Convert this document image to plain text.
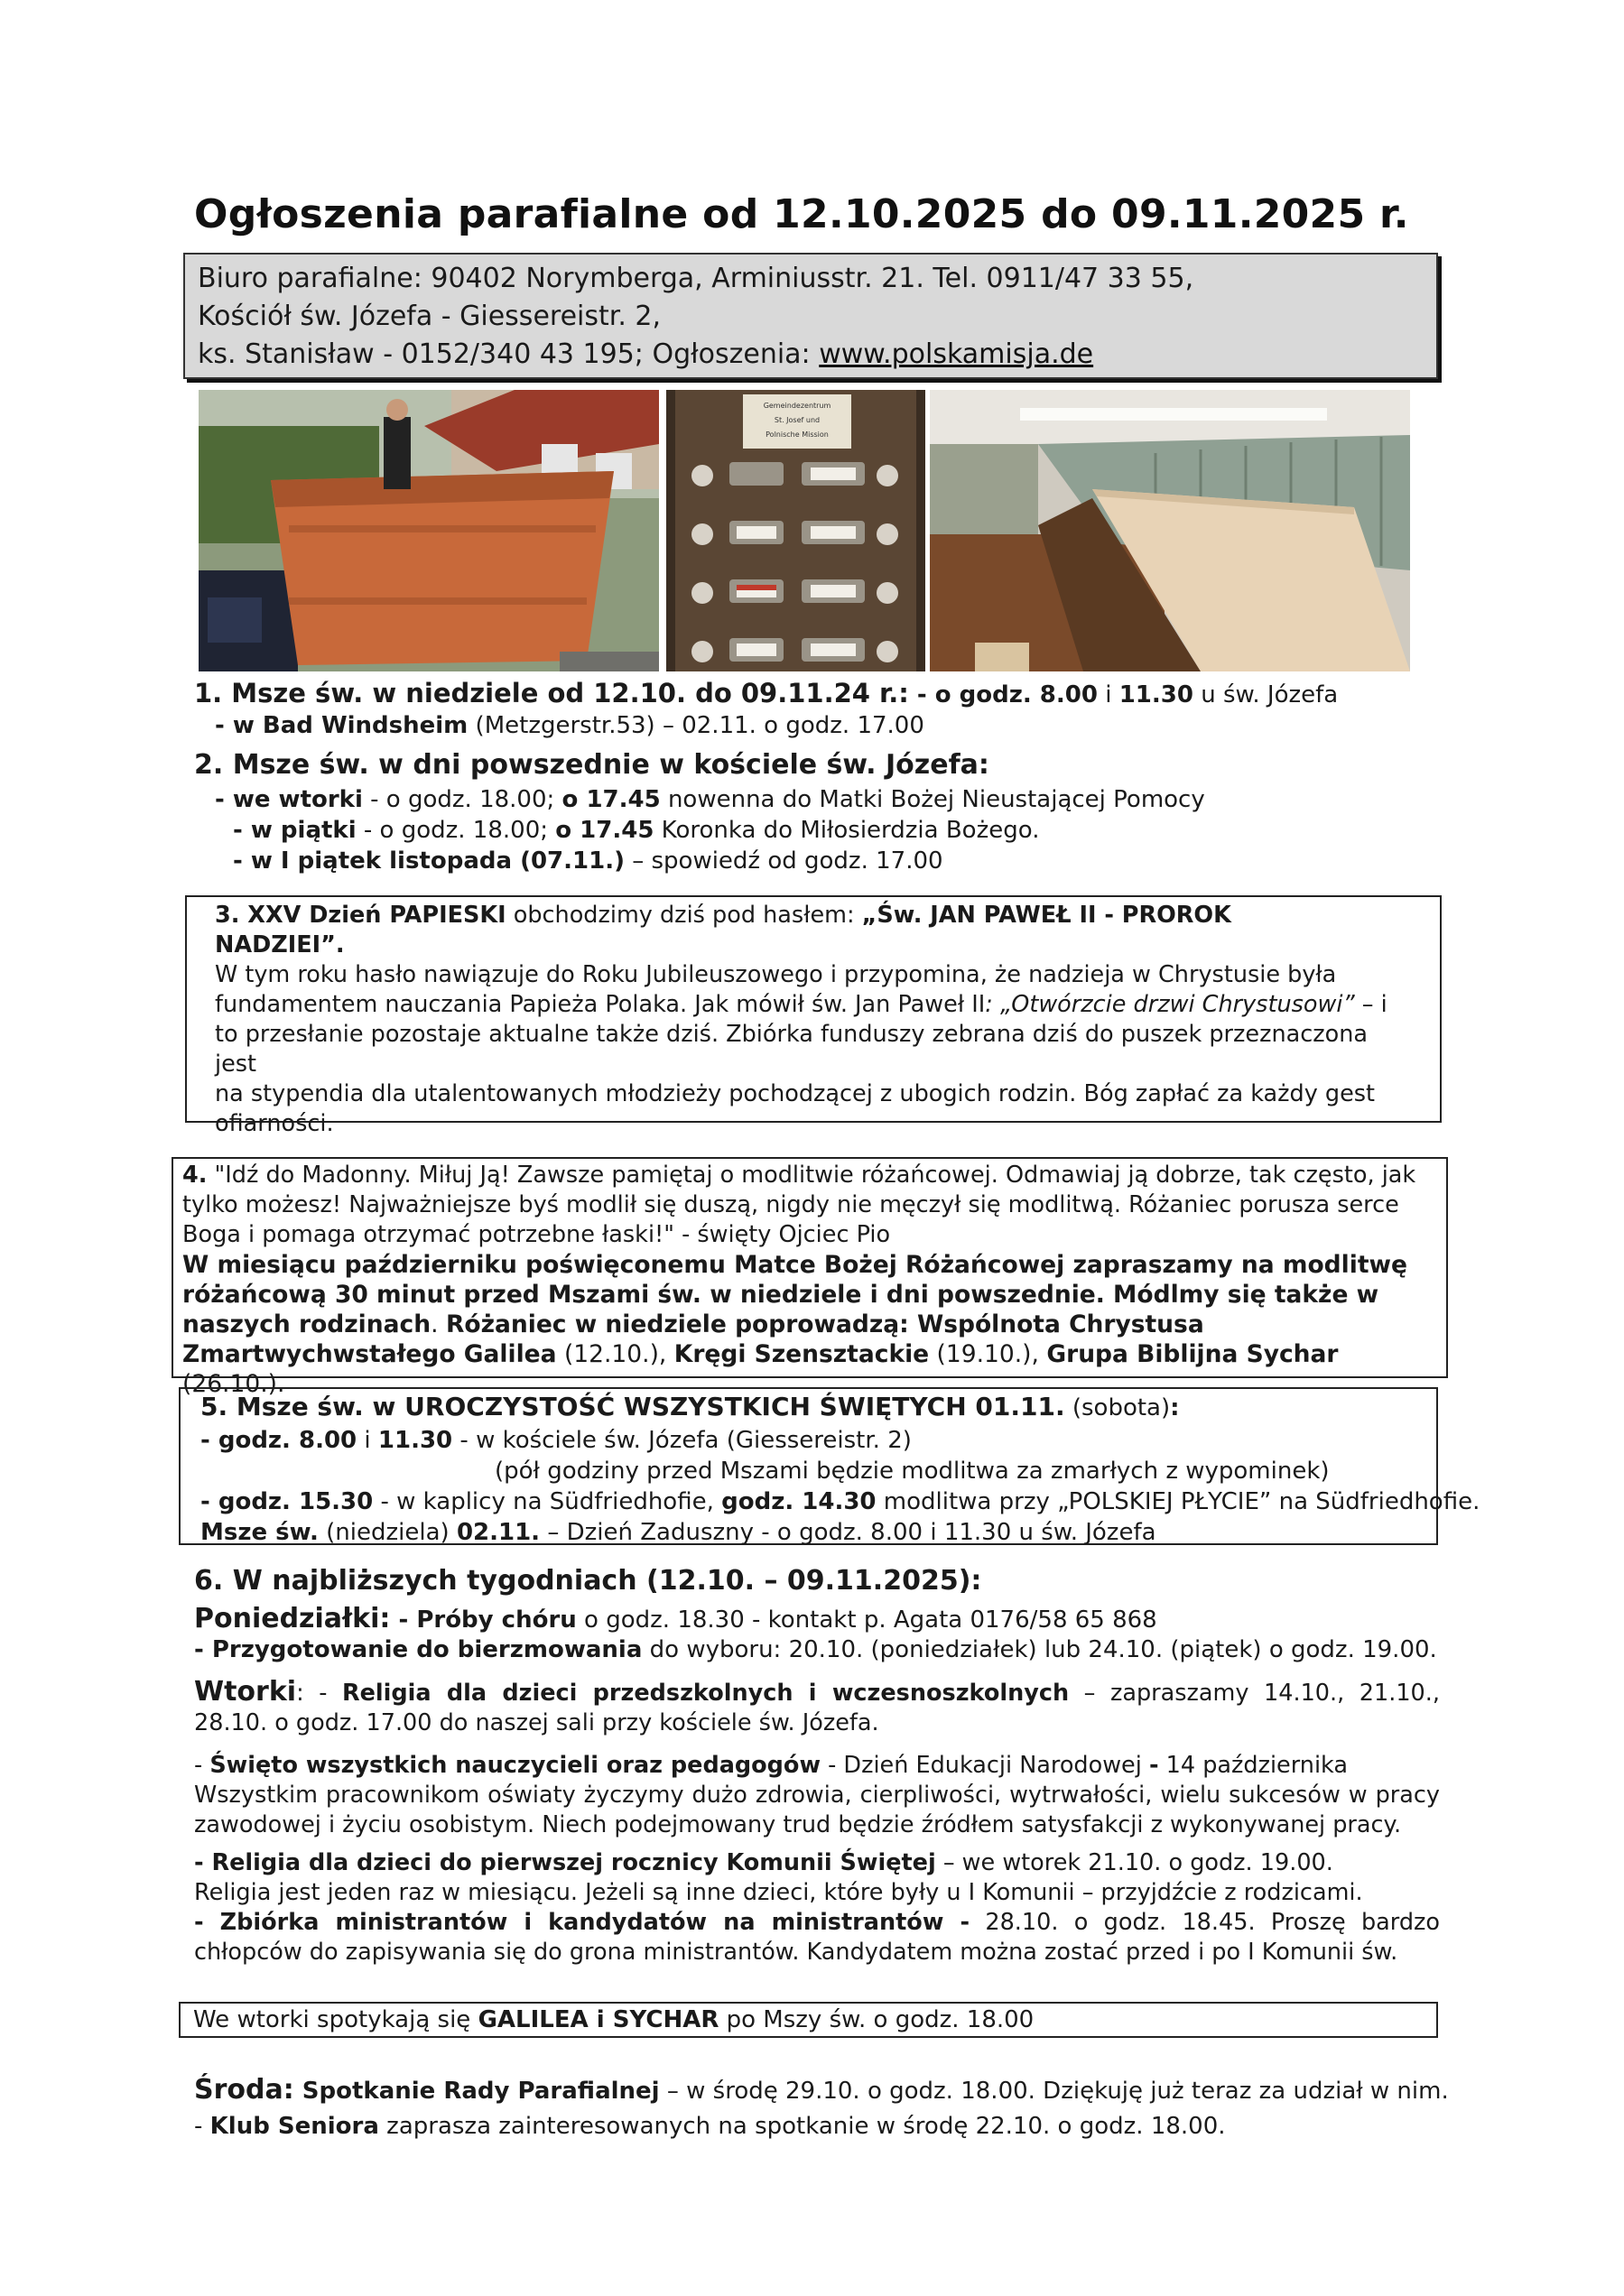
Ogłoszenia parafialne od 12.10.2025 do 09.11.2025 r.
Biuro parafialne: 90402 Norymberga, Arminiusstr. 21. Tel. 0911/47 33 55,
Kościół św. Józefa - Giessereistr. 2,
ks. Stanisław - 0152/340 43 195; Ogłoszenia: www.polskamisja.de
Gemeindezentrum
St. Josef und
Polnische Mission
1. Msze św. w niedziele od 12.10. do 09.11.24 r.: - o godz. 8.00 i 11.30 u św. Józefa
- w Bad Windsheim (Metzgerstr.53) – 02.11. o godz. 17.00
2. Msze św. w dni powszednie w kościele św. Józefa:
- we wtorki - o godz. 18.00; o 17.45 nowenna do Matki Bożej Nieustającej Pomocy
- w piątki - o godz. 18.00; o 17.45 Koronka do Miłosierdzia Bożego.
- w I piątek listopada (07.11.) – spowiedź od godz. 17.00
3. XXV Dzień PAPIESKI obchodzimy dziś pod hasłem: „Św. JAN PAWEŁ II - PROROK
NADZIEI”.
W tym roku hasło nawiązuje do Roku Jubileuszowego i przypomina, że nadzieja w Chrystusie była
fundamentem nauczania Papieża Polaka. Jak mówił św. Jan Paweł II: „Otwórzcie drzwi Chrystusowi” – i
to przesłanie pozostaje aktualne także dziś. Zbiórka funduszy zebrana dziś do puszek przeznaczona jest
na stypendia dla utalentowanych młodzieży pochodzącej z ubogich rodzin. Bóg zapłać za każdy gest
ofiarności.
4. "Idź do Madonny. Miłuj Ją! Zawsze pamiętaj o modlitwie różańcowej. Odmawiaj ją dobrze, tak często, jak
tylko możesz! Najważniejsze byś modlił się duszą, nigdy nie męczył się modlitwą. Różaniec porusza serce
Boga i pomaga otrzymać potrzebne łaski!" - święty Ojciec Pio
W miesiącu październiku poświęconemu Matce Bożej Różańcowej zapraszamy na modlitwę
różańcową 30 minut przed Mszami św. w niedziele i dni powszednie. Módlmy się także w
naszych rodzinach. Różaniec w niedziele poprowadzą: Wspólnota Chrystusa
Zmartwychwstałego Galilea (12.10.), Kręgi Szensztackie (19.10.), Grupa Biblijna Sychar (26.10.).
5. Msze św. w UROCZYSTOŚĆ WSZYSTKICH ŚWIĘTYCH 01.11. (sobota):
- godz. 8.00 i 11.30 - w kościele św. Józefa (Giessereistr. 2)
(pół godziny przed Mszami będzie modlitwa za zmarłych z wypominek)
- godz. 15.30 - w kaplicy na Südfriedhofie, godz. 14.30 modlitwa przy „POLSKIEJ PŁYCIE” na Südfriedhofie.
Msze św. (niedziela) 02.11. – Dzień Zaduszny - o godz. 8.00 i 11.30 u św. Józefa
6. W najbliższych tygodniach (12.10. – 09.11.2025):
Poniedziałki: - Próby chóru o godz. 18.30 - kontakt p. Agata 0176/58 65 868
- Przygotowanie do bierzmowania do wyboru: 20.10. (poniedziałek) lub 24.10. (piątek) o godz. 19.00.
Wtorki: - Religia dla dzieci przedszkolnych i wczesnoszkolnych – zapraszamy 14.10., 21.10.,
28.10. o godz. 17.00 do naszej sali przy kościele św. Józefa.
- Święto wszystkich nauczycieli oraz pedagogów - Dzień Edukacji Narodowej - 14 października
Wszystkim pracownikom oświaty życzymy dużo zdrowia, cierpliwości, wytrwałości, wielu sukcesów w pracy
zawodowej i życiu osobistym. Niech podejmowany trud będzie źródłem satysfakcji z wykonywanej pracy.
- Religia dla dzieci do pierwszej rocznicy Komunii Świętej – we wtorek 21.10. o godz. 19.00.
Religia jest jeden raz w miesiącu. Jeżeli są inne dzieci, które były u I Komunii – przyjdźcie z rodzicami.
- Zbiórka ministrantów i kandydatów na ministrantów - 28.10. o godz. 18.45. Proszę bardzo
chłopców do zapisywania się do grona ministrantów. Kandydatem można zostać przed i po I Komunii św.
We wtorki spotykają się GALILEA i SYCHAR po Mszy św. o godz. 18.00
Środa: Spotkanie Rady Parafialnej – w środę 29.10. o godz. 18.00. Dziękuję już teraz za udział w nim.
- Klub Seniora zaprasza zainteresowanych na spotkanie w środę 22.10. o godz. 18.00.
